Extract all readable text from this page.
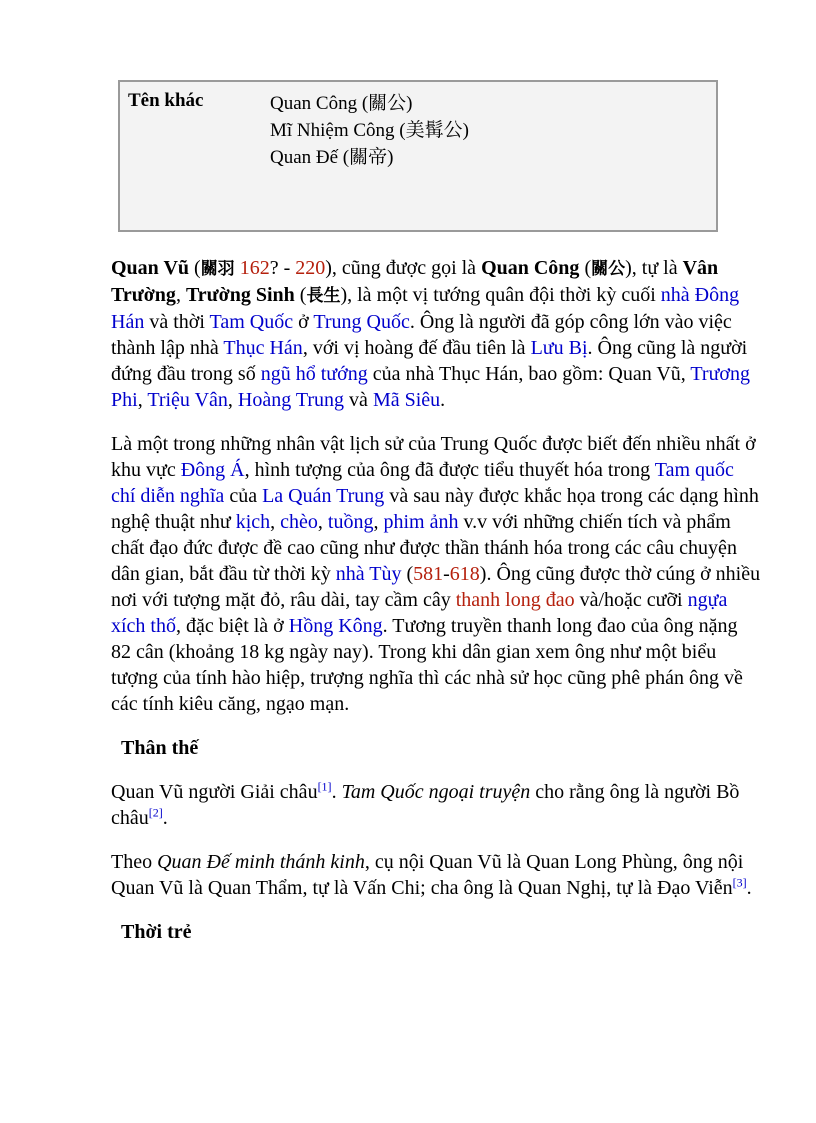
Tên khác	Quan Công (關公)
Mĩ Nhiệm Công (美髯公)
Quan Đế (關帝)

Quan Vũ (關羽 162? - 220), cũng được gọi là Quan Công (關公), tự là Vân Trường, Trường Sinh (長生), là một vị tướng quân đội thời kỳ cuối nhà Đông Hán và thời Tam Quốc ở Trung Quốc. Ông là người đã góp công lớn vào việc thành lập nhà Thục Hán, với vị hoàng đế đầu tiên là Lưu Bị. Ông cũng là người đứng đầu trong số ngũ hổ tướng của nhà Thục Hán, bao gồm: Quan Vũ, Trương Phi, Triệu Vân, Hoàng Trung và Mã Siêu.

Là một trong những nhân vật lịch sử của Trung Quốc được biết đến nhiều nhất ở khu vực Đông Á, hình tượng của ông đã được tiểu thuyết hóa trong Tam quốc chí diễn nghĩa của La Quán Trung và sau này được khắc họa trong các dạng hình nghệ thuật như kịch, chèo, tuồng, phim ảnh v.v với những chiến tích và phẩm chất đạo đức được đề cao cũng như được thần thánh hóa trong các câu chuyện dân gian, bắt đầu từ thời kỳ nhà Tùy (581-618). Ông cũng được thờ cúng ở nhiều nơi với tượng mặt đỏ, râu dài, tay cầm cây thanh long đao và/hoặc cưỡi ngựa xích thố, đặc biệt là ở Hồng Kông. Tương truyền thanh long đao của ông nặng 82 cân (khoảng 18 kg ngày nay). Trong khi dân gian xem ông như một biểu tượng của tính hào hiệp, trượng nghĩa thì các nhà sử học cũng phê phán ông về các tính kiêu căng, ngạo mạn.

Thân thế

Quan Vũ người Giải châu[1]. Tam Quốc ngoại truyện cho rằng ông là người Bồ châu[2].

Theo Quan Đế minh thánh kinh, cụ nội Quan Vũ là Quan Long Phùng, ông nội Quan Vũ là Quan Thẩm, tự là Vấn Chi; cha ông là Quan Nghị, tự là Đạo Viễn[3].

Thời trẻ
